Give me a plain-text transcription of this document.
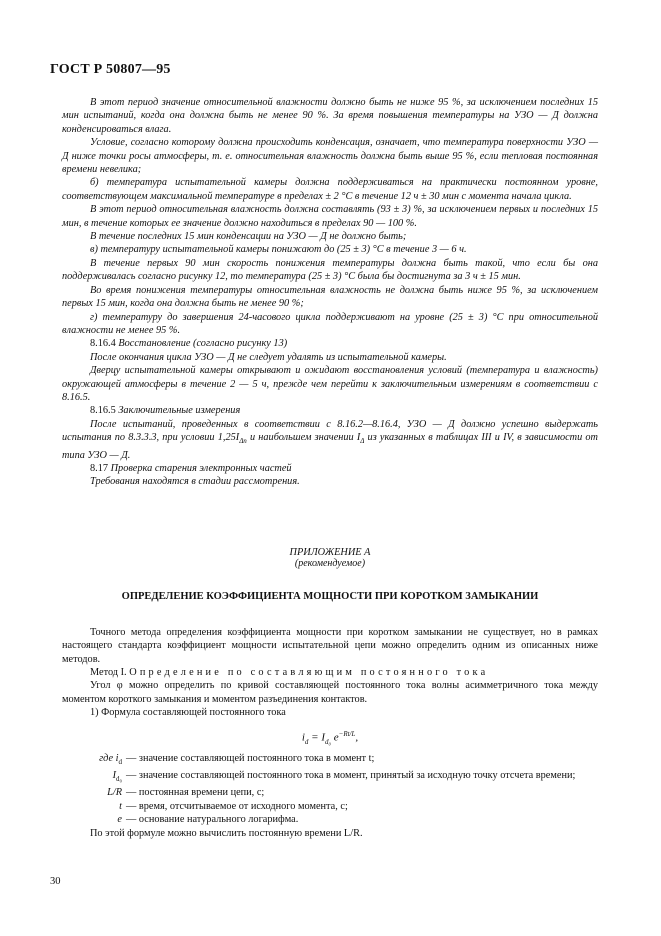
ГОСТ Р 50807—95

В этот период значение относительной влажности должно быть не ниже 95 %, за исключением последних 15 мин испытаний, когда она должна быть не менее 90 %. За время повышения температуры на УЗО — Д должна конденсироваться влага.

Условие, согласно которому должна происходить конденсация, означает, что температура поверхности УЗО — Д ниже точки росы атмосферы, т. е. относительная влажность должна быть выше 95 %, если тепловая постоянная времени невелика;

б) температура испытательной камеры должна поддерживаться на практически постоянном уровне, соответствующем максимальной температуре в пределах ± 2 °С в течение 12 ч ± 30 мин с момента начала цикла.

В этот период относительная влажность должна составлять (93 ± 3) %, за исключением первых и последних 15 мин, в течение которых ее значение должно находиться в пределах 90 — 100 %.

В течение последних 15 мин конденсации на УЗО — Д не должно быть;

в) температуру испытательной камеры понижают до (25 ± 3) °С в течение 3 — 6 ч.

В течение первых 90 мин скорость понижения температуры должна быть такой, что если бы она поддерживалась согласно рисунку 12, то температура (25 ± 3) °С была бы достигнута за 3 ч ± 15 мин.

Во время понижения температуры относительная влажность не должна быть ниже 95 %, за исключением первых 15 мин, когда она должна быть не менее 90 %;

г) температуру до завершения 24-часового цикла поддерживают на уровне (25 ± 3) °С при относительной влажности не менее 95 %.

8.16.4 Восстановление (согласно рисунку 13)

После окончания цикла УЗО — Д не следует удалять из испытательной камеры.

Дверцу испытательной камеры открывают и ожидают восстановления условий (температура и влажность) окружающей атмосферы в течение 2 — 5 ч, прежде чем перейти к заключительным измерениям в соответствии с 8.16.5.

8.16.5 Заключительные измерения

После испытаний, проведенных в соответствии с 8.16.2—8.16.4, УЗО — Д должно успешно выдержать испытания по 8.3.3.3, при условии $1,25I_{\Delta n}$ и наибольшем значении $I_\Delta$ из указанных в таблицах III и IV, в зависимости от типа УЗО — Д.

8.17 Проверка старения электронных частей

Требования находятся в стадии рассмотрения.

ПРИЛОЖЕНИЕ А
(рекомендуемое)
ОПРЕДЕЛЕНИЕ КОЭФФИЦИЕНТА МОЩНОСТИ ПРИ КОРОТКОМ ЗАМЫКАНИИ

Точного метода определения коэффициента мощности при коротком замыкании не существует, но в рамках настоящего стандарта коэффициент мощности испытательной цепи можно определить одним из описанных ниже методов.

Метод I. Определение по составляющим постоянного тока

Угол φ можно определить по кривой составляющей постоянного тока волны асимметричного тока между моментом короткого замыкания и моментом разъединения контактов.

1) Формула составляющей постоянного тока

$i_d = I_{d_0}$ $e^{-Rt/L}$,
где $i_d$ — значение составляющей постоянного тока в момент t;
$I_{d_0}$ — значение составляющей постоянного тока в момент, принятый за исходную точку отсчета времени;
L/R — постоянная времени цепи, с;
t — время, отсчитываемое от исходного момента, с;
e — основание натурального логарифма.

По этой формуле можно вычислить постоянную времени L/R.

30
